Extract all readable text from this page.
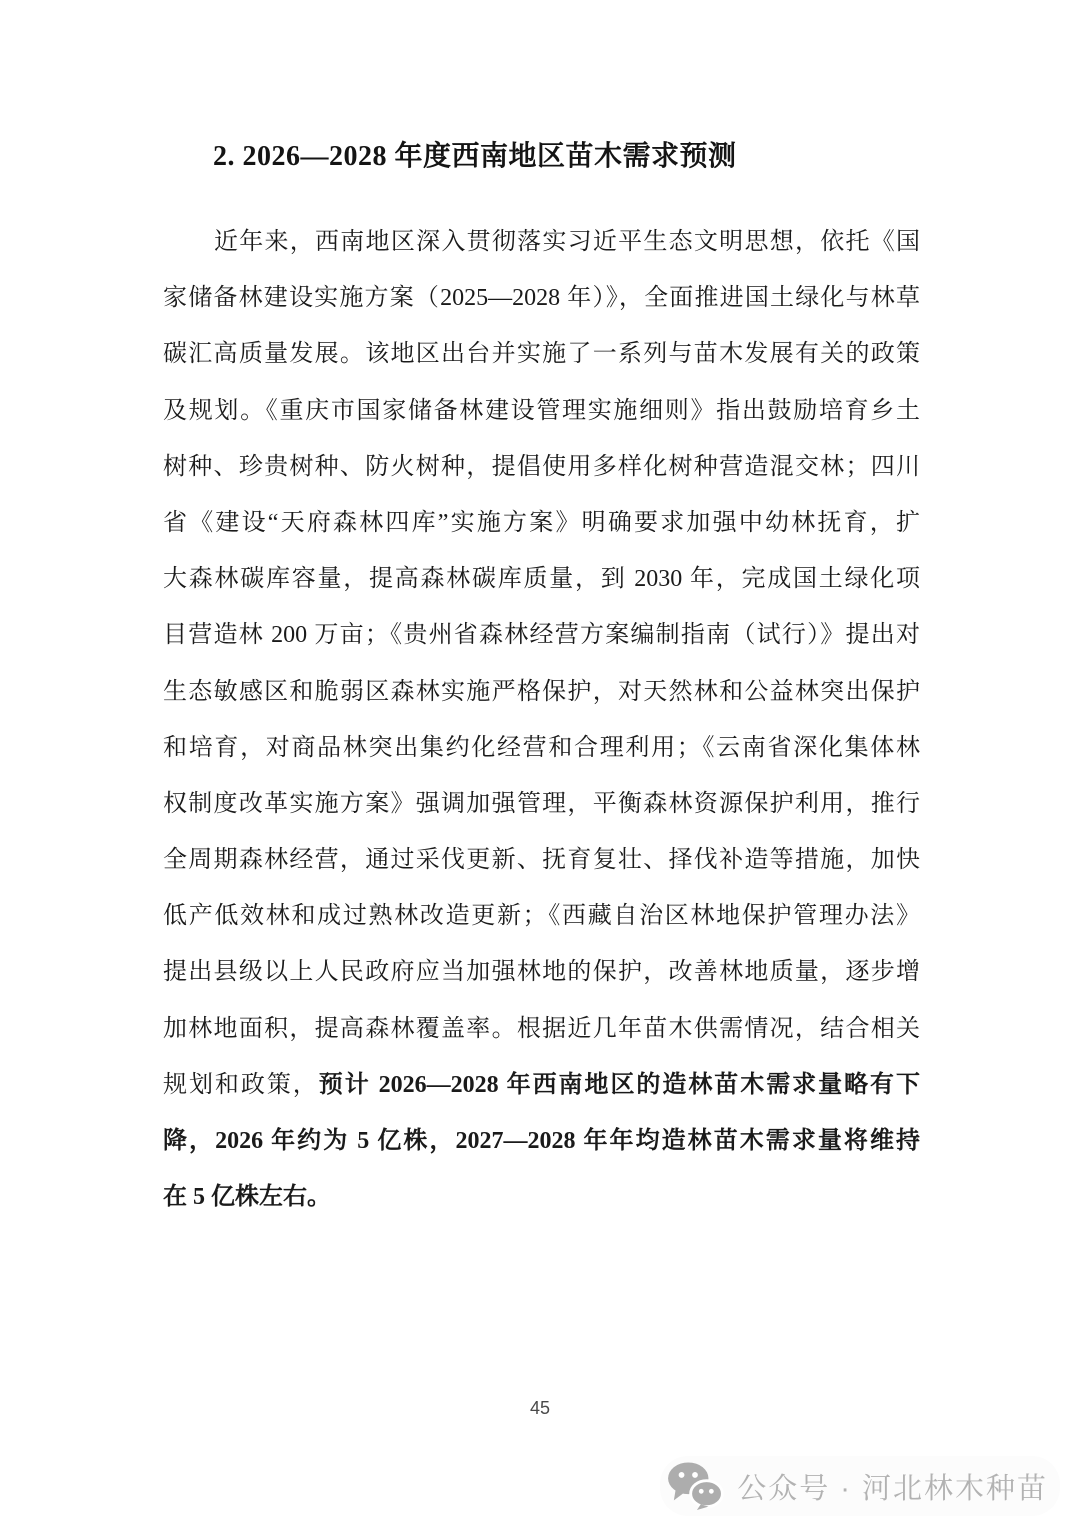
2. 2026—2028 年度西南地区苗木需求预测
近年来，西南地区深入贯彻落实习近平生态文明思想，依托《国
家储备林建设实施方案（2025—2028 年）》，全面推进国土绿化与林草
碳汇高质量发展。该地区出台并实施了一系列与苗木发展有关的政策
及规划。《重庆市国家储备林建设管理实施细则》指出鼓励培育乡土
树种、珍贵树种、防火树种，提倡使用多样化树种营造混交林；四川
省《建设“天府森林四库”实施方案》明确要求加强中幼林抚育，扩
大森林碳库容量，提高森林碳库质量，到 2030 年，完成国土绿化项
目营造林 200 万亩；《贵州省森林经营方案编制指南（试行）》提出对
生态敏感区和脆弱区森林实施严格保护，对天然林和公益林突出保护
和培育，对商品林突出集约化经营和合理利用；《云南省深化集体林
权制度改革实施方案》强调加强管理，平衡森林资源保护利用，推行
全周期森林经营，通过采伐更新、抚育复壮、择伐补造等措施，加快
低产低效林和成过熟林改造更新；《西藏自治区林地保护管理办法》
提出县级以上人民政府应当加强林地的保护，改善林地质量，逐步增
加林地面积，提高森林覆盖率。根据近几年苗木供需情况，结合相关
规划和政策，预计 2026—2028 年西南地区的造林苗木需求量略有下
降，2026 年约为 5 亿株，2027—2028 年年均造林苗木需求量将维持
在 5 亿株左右。
45
公众号 · 河北林木种苗
